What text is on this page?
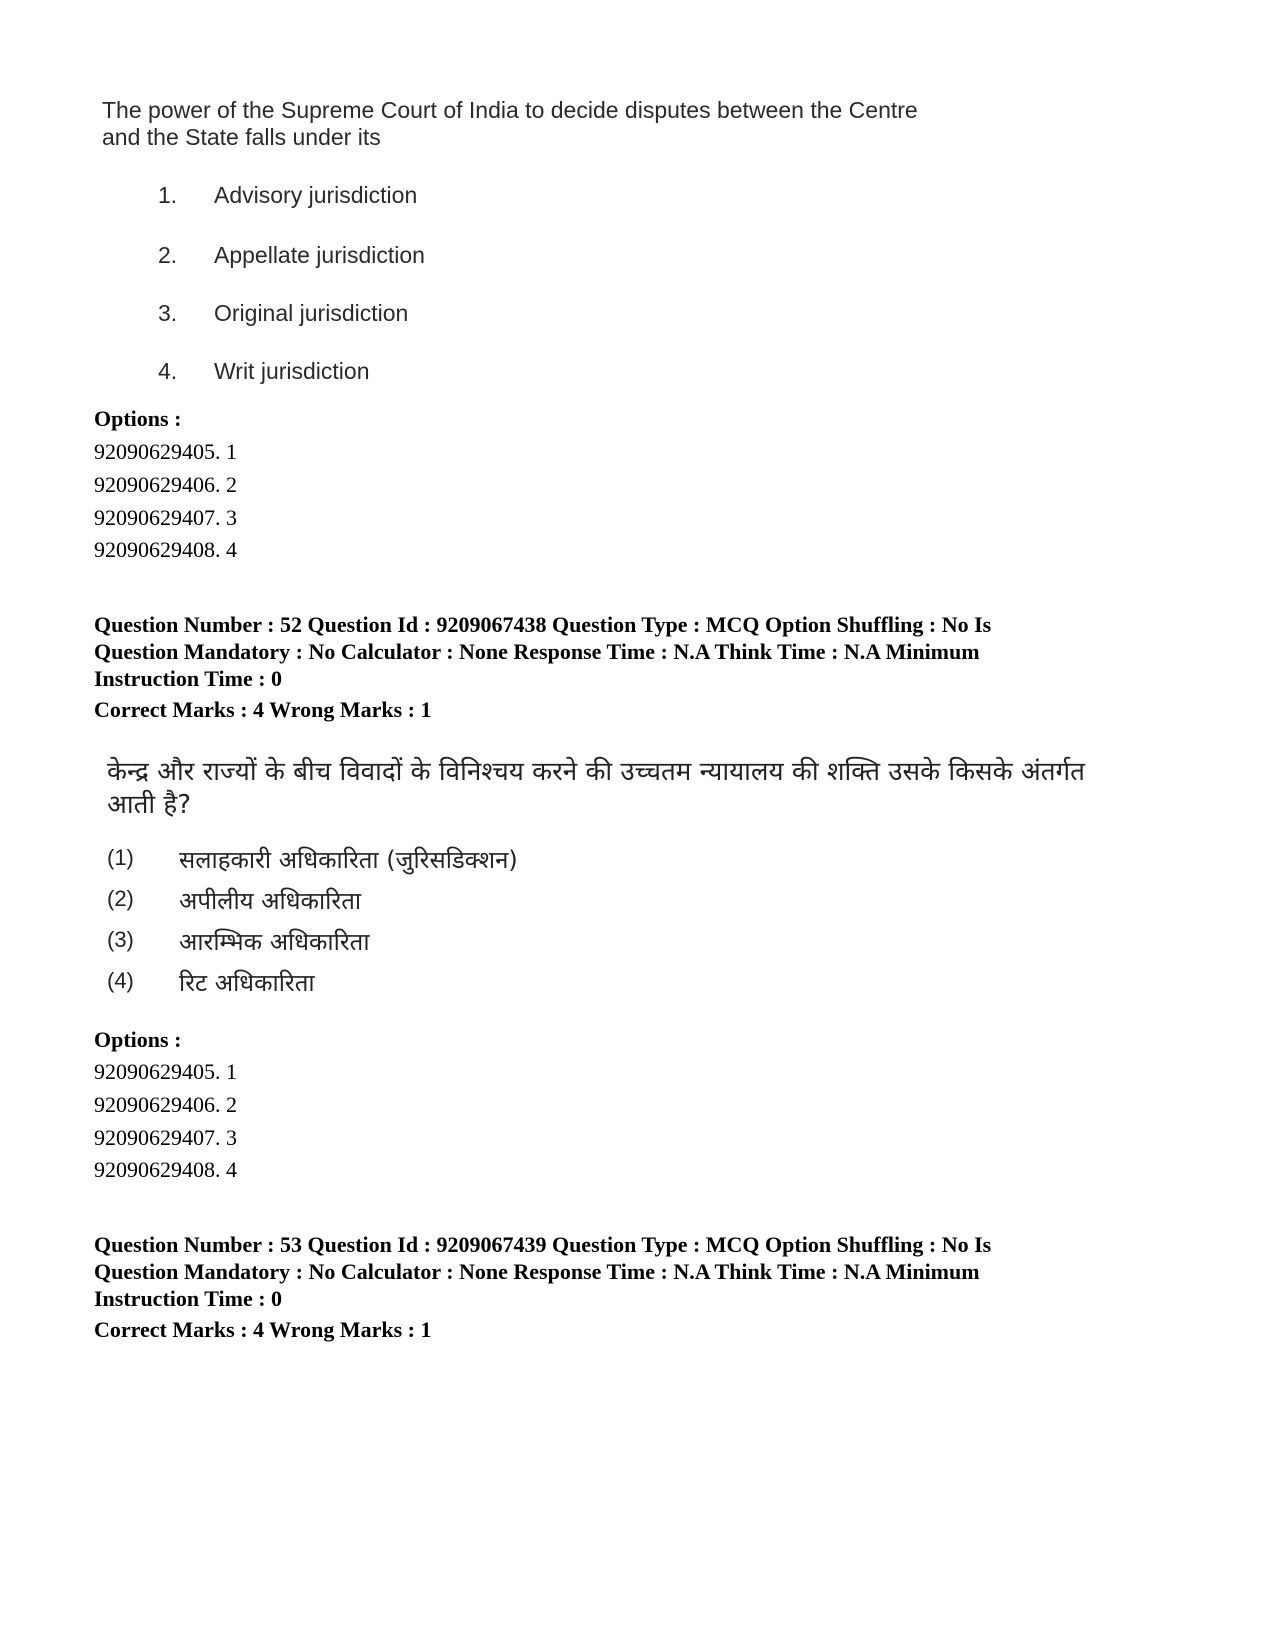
The power of the Supreme Court of India to decide disputes between the Centre
and the State falls under its
1. Advisory jurisdiction
2. Appellate jurisdiction
3. Original jurisdiction
4. Writ jurisdiction
Options :
92090629405. 1
92090629406. 2
92090629407. 3
92090629408. 4
Question Number : 52 Question Id : 9209067438 Question Type : MCQ Option Shuffling : No Is
Question Mandatory : No Calculator : None Response Time : N.A Think Time : N.A Minimum
Instruction Time : 0
Correct Marks : 4 Wrong Marks : 1
केन्द्र और राज्यों के बीच विवादों के विनिश्चय करने की उच्चतम न्यायालय की शक्ति उसके किसके अंतर्गत
आती है?
(1) सलाहकारी अधिकारिता (जुरिसडिक्शन)
(2) अपीलीय अधिकारिता
(3) आरम्भिक अधिकारिता
(4) रिट अधिकारिता
Options :
92090629405. 1
92090629406. 2
92090629407. 3
92090629408. 4
Question Number : 53 Question Id : 9209067439 Question Type : MCQ Option Shuffling : No Is
Question Mandatory : No Calculator : None Response Time : N.A Think Time : N.A Minimum
Instruction Time : 0
Correct Marks : 4 Wrong Marks : 1
